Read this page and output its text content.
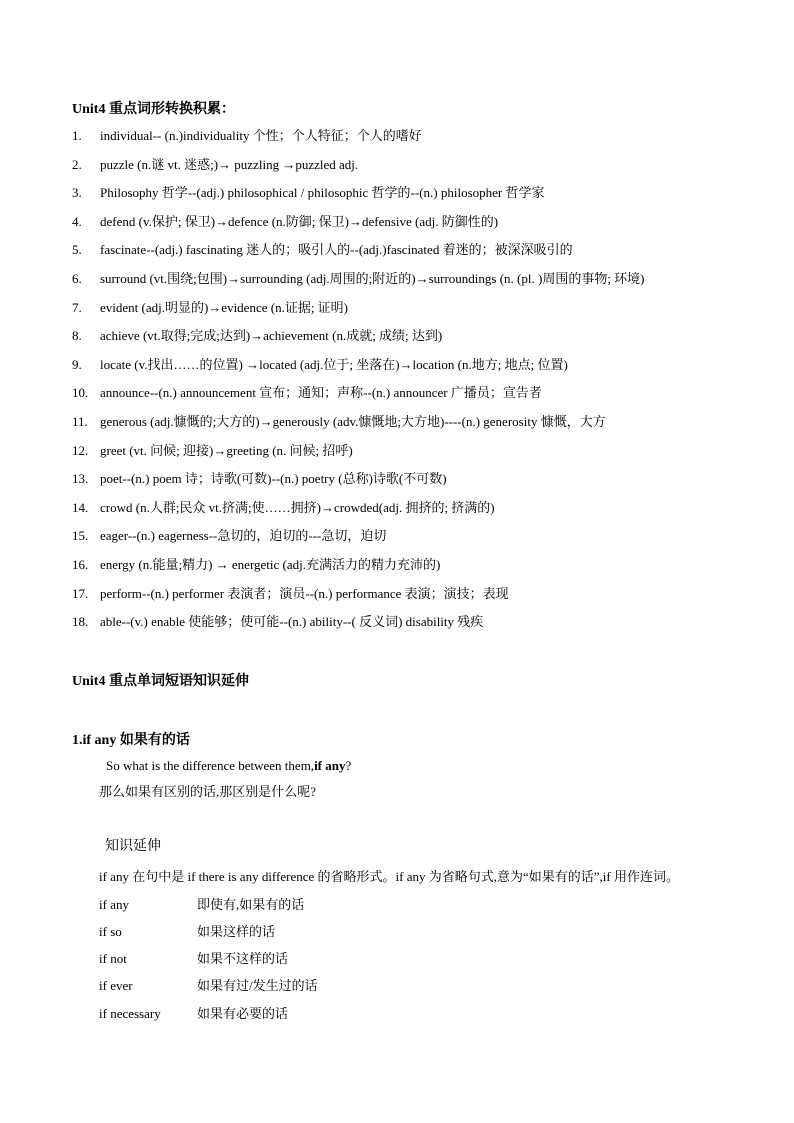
Unit4 重点词形转换积累：
1.	individual-- (n.)individuality 个性；个人特征；个人的嗜好
2.	puzzle (n.谜 vt. 迷惑;)→ puzzling →puzzled adj.
3.	Philosophy 哲学--(adj.) philosophical / philosophic 哲学的--(n.) philosopher 哲学家
4.	defend (v.保护; 保卫)→defence (n.防御; 保卫)→defensive (adj. 防御性的)
5.	fascinate--(adj.) fascinating 迷人的；吸引人的--(adj.)fascinated 着迷的；被深深吸引的
6.	surround (vt.围绕;包围)→surrounding (adj.周围的;附近的)→surroundings (n. (pl. )周围的事物; 环境)
7.	evident (adj.明显的)→evidence (n.证据; 证明)
8.	achieve (vt.取得;完成;达到)→achievement (n.成就; 成绩; 达到)
9.	locate (v.找出……的位置) →located (adj.位于; 坐落在)→location (n.地方; 地点; 位置)
10. announce--(n.) announcement 宣布；通知；声称--(n.) announcer 广播员；宣告者
11. generous (adj.慷慨的;大方的)→generously (adv.慷慨地;大方地)----(n.) generosity 慷慨，大方
12. greet (vt. 问候; 迎接)→greeting (n. 问候; 招呼)
13. poet--(n.) poem 诗；诗歌(可数)--(n.) poetry (总称)诗歌(不可数)
14. crowd (n.人群;民众 vt.挤满;使……拥挤)→crowded(adj. 拥挤的; 挤满的)
15. eager--(n.) eagerness--急切的，迫切的---急切，迫切
16. energy (n.能量;精力) → energetic (adj.充满活力的精力充沛的)
17. perform--(n.) performer 表演者；演员--(n.) performance 表演；演技；表现
18. able--(v.) enable 使能够；使可能--(n.) ability--( 反义词) disability 残疾
Unit4 重点单词短语知识延伸
1.if any 如果有的话
So what is the difference between them,if any?
那么如果有区别的话,那区别是什么呢?
知识延伸
if any 在句中是 if there is any difference 的省略形式。if any 为省略句式,意为“如果有的话”,if 用作连词。
if any	即使有,如果有的话
if so	如果这样的话
if not	如果不这样的话
if ever	如果有过/发生过的话
if necessary	如果有必要的话
